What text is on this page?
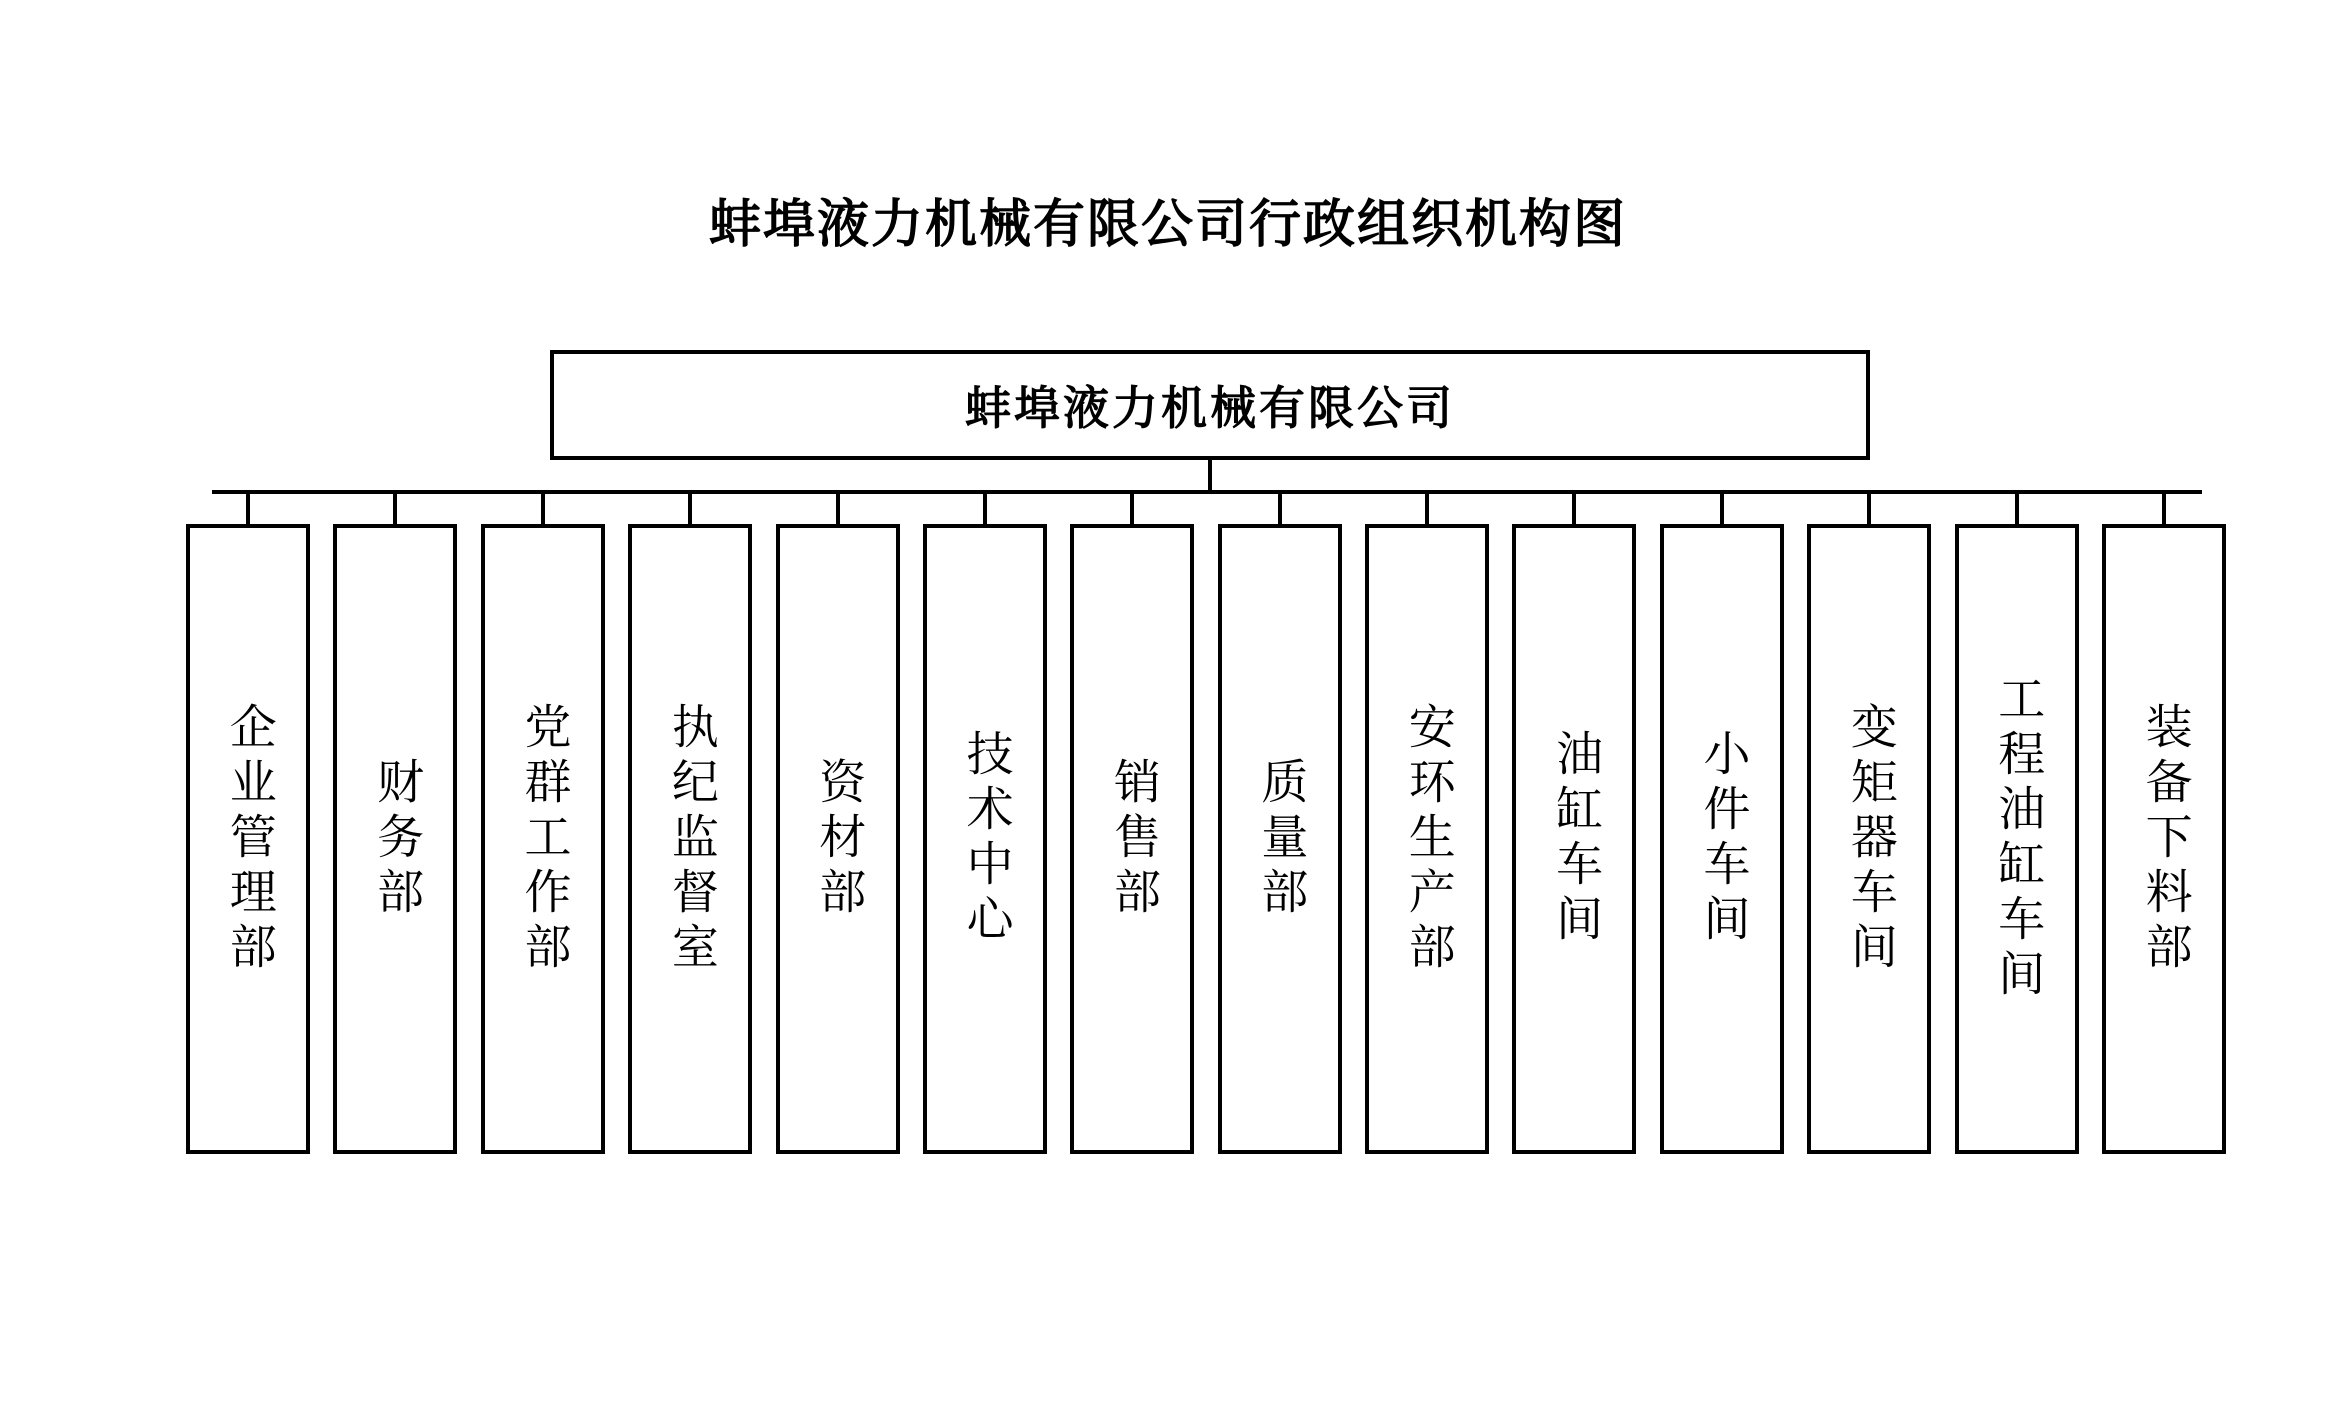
蚌埠液力机械有限公司行政组织机构图
蚌埠液力机械有限公司
企业管理部 财务部 党群工作部 执纪监督室 资材部 技术中心 销售部 质量部 安环生产部 油缸车间 小件车间 变矩器车间 工程油缸车间 装备下料部
